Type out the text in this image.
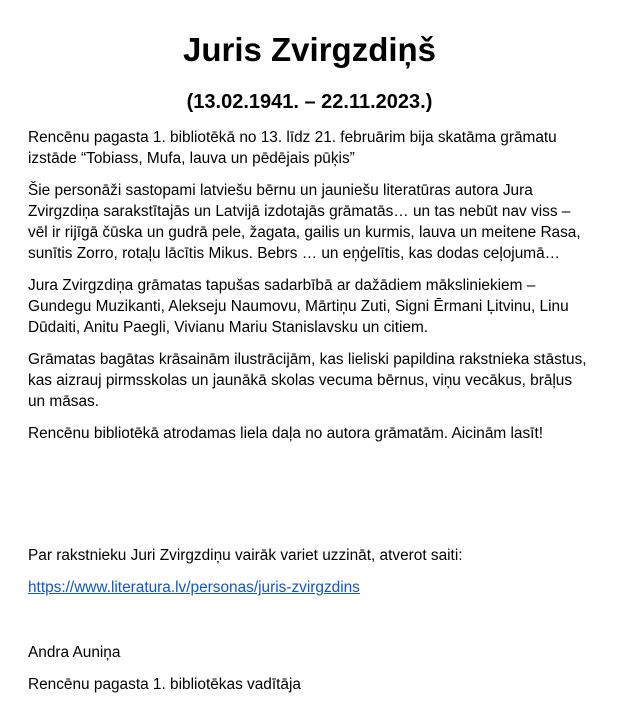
Juris Zvirgzdiņš
(13.02.1941. – 22.11.2023.)

Rencēnu pagasta 1. bibliotēkā no 13. līdz 21. februārim bija skatāma grāmatu izstāde “Tobiass, Mufa, lauva un pēdējais pūķis”

Šie personāži sastopami latviešu bērnu un jauniešu literatūras autora Jura Zvirgzdiņa sarakstītajās un Latvijā izdotajās grāmatās… un tas nebūt nav viss – vēl ir rijīgā čūska un gudrā pele, žagata, gailis un kurmis, lauva un meitene Rasa, sunītis Zorro, rotaļu lācītis Mikus. Bebrs … un eņģelītis, kas dodas ceļojumā…

Jura Zvirgzdiņa grāmatas tapušas sadarbībā ar dažādiem māksliniekiem – Gundegu Muzikanti, Alekseju Naumovu, Mārtiņu Zuti, Signi Ērmani Ļitvinu, Linu Dūdaiti, Anitu Paegli, Vivianu Mariu Stanislavsku un citiem.

Grāmatas bagātas krāsainām ilustrācijām, kas lieliski papildina rakstnieka stāstus, kas aizrauj pirmsskolas un jaunākā skolas vecuma bērnus, viņu vecākus, brāļus un māsas.

Rencēnu bibliotēkā atrodamas liela daļa no autora grāmatām. Aicinām lasīt!

Par rakstnieku Juri Zvirgzdiņu vairāk variet uzzināt, atverot saiti:

https://www.literatura.lv/personas/juris-zvirgzdins

Andra Auniņa

Rencēnu pagasta 1. bibliotēkas vadītāja
